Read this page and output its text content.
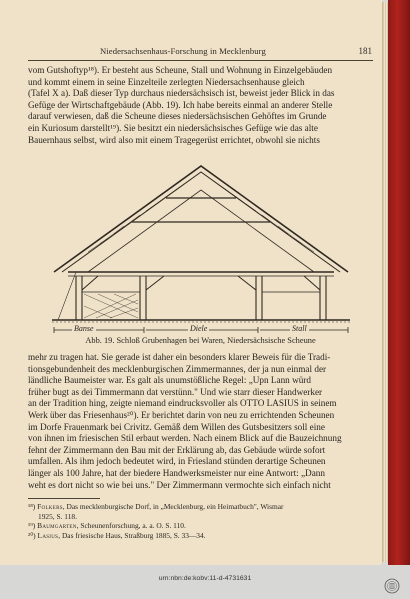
Niedersachsenhaus-Forschung in Mecklenburg	181

vom Gutshoftyp¹⁸). Er besteht aus Scheune, Stall und Wohnung in Einzelgebäuden
und kommt einem in seine Einzelteile zerlegten Niedersachsenhause gleich
(Tafel X a). Daß dieser Typ durchaus niedersächsisch ist, beweist jeder Blick in das
Gefüge der Wirtschaftgebäude (Abb. 19). Ich habe bereits einmal an anderer Stelle
darauf verwiesen, daß die Scheune dieses niedersächsischen Gehöftes im Grunde
ein Kuriosum darstellt¹⁹). Sie besitzt ein niedersächsisches Gefüge wie das alte
Bauernhaus selbst, wird also mit einem Tragegerüst errichtet, obwohl sie nichts

Banse	Diele	Stall
Abb. 19. Schloß Grubenhagen bei Waren, Niedersächsische Scheune

mehr zu tragen hat. Sie gerade ist daher ein besonders klarer Beweis für die Tradi-
tionsgebundenheit des mecklenburgischen Zimmermannes, der ja nun einmal der
ländliche Baumeister war. Es galt als unumstößliche Regel: „Upn Lann würd
früher bugt as dei Timmermann dat verstünn." Und wie starr dieser Handwerker
an der Tradition hing, zeigte niemand eindrucksvoller als OTTO LASIUS in seinem
Werk über das Friesenhaus²⁰). Er berichtet darin von neu zu errichtenden Scheunen
im Dorfe Frauenmark bei Crivitz. Gemäß dem Willen des Gutsbesitzers soll eine
von ihnen im friesischen Stil erbaut werden. Nach einem Blick auf die Bauzeichnung
fehnt der Zimmermann den Bau mit der Erklärung ab, das Gebäude würde sofort
umfallen. Als ihm jedoch bedeutet wird, in Friesland stünden derartige Scheunen
länger als 100 Jahre, hat der biedere Handwerksmeister nur eine Antwort: „Dann
weht es dort nicht so wie bei uns." Der Zimmermann vermochte sich einfach nicht

¹⁸) Folkers, Das mecklenburgische Dorf, in „Mecklenburg, ein Heimatbuch", Wismar
1925, S. 118.
¹⁹) Baumgarten, Scheunenforschung, a. a. O. S. 110.
²⁰) Lasius, Das friesische Haus, Straßburg 1885, S. 33—34.
urn:nbn:de:kobv:11-d-4731631
